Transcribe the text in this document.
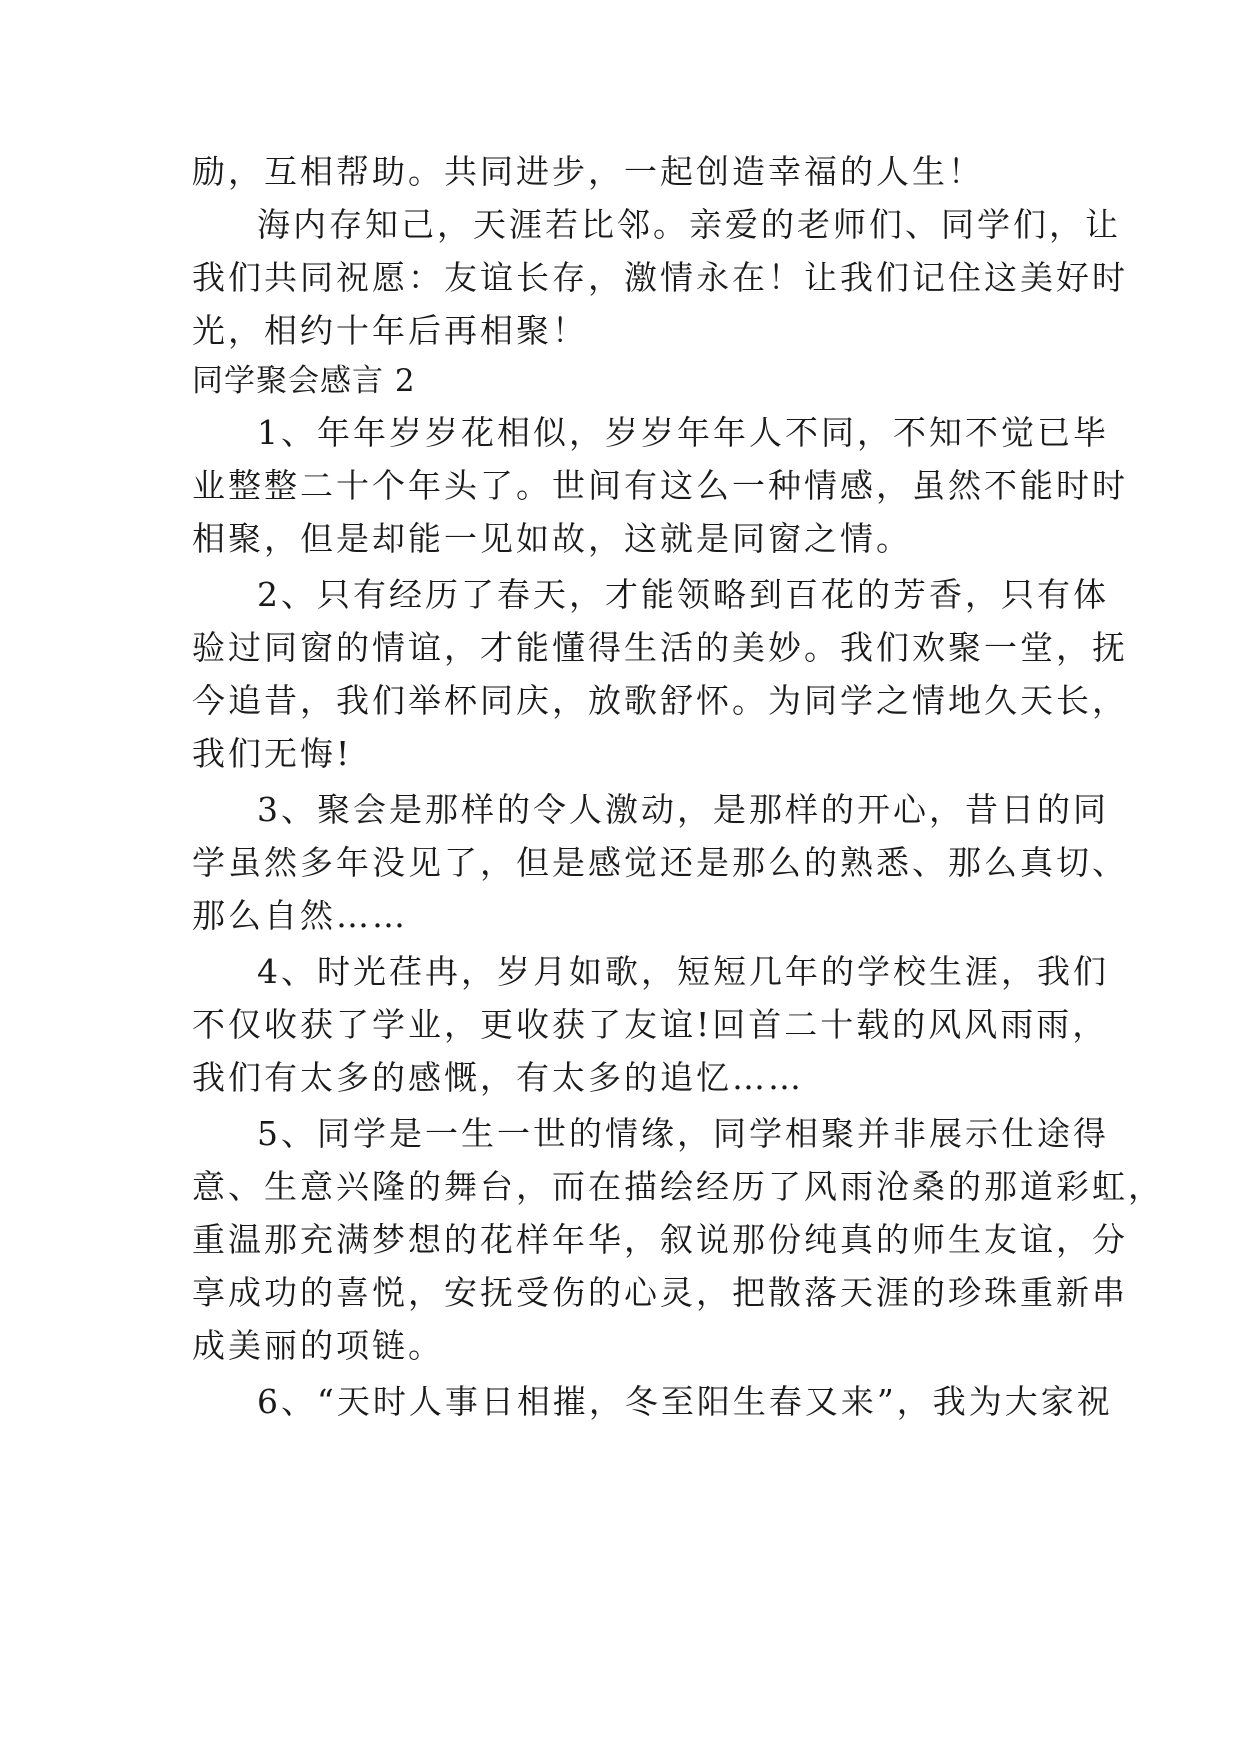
励，互相帮助。共同进步，一起创造幸福的人生！
海内存知己，天涯若比邻。亲爱的老师们、同学们，让
我们共同祝愿：友谊长存，激情永在！让我们记住这美好时
光，相约十年后再相聚！
同学聚会感言 2
1、年年岁岁花相似，岁岁年年人不同，不知不觉已毕
业整整二十个年头了。世间有这么一种情感，虽然不能时时
相聚，但是却能一见如故，这就是同窗之情。
2、只有经历了春天，才能领略到百花的芳香，只有体
验过同窗的情谊，才能懂得生活的美妙。我们欢聚一堂，抚
今追昔，我们举杯同庆，放歌舒怀。为同学之情地久天长，
我们无悔!
3、聚会是那样的令人激动，是那样的开心，昔日的同
学虽然多年没见了，但是感觉还是那么的熟悉、那么真切、
那么自然……
4、时光荏冉，岁月如歌，短短几年的学校生涯，我们
不仅收获了学业，更收获了友谊!回首二十载的风风雨雨，
我们有太多的感慨，有太多的追忆……
5、同学是一生一世的情缘，同学相聚并非展示仕途得
意、生意兴隆的舞台，而在描绘经历了风雨沧桑的那道彩虹，
重温那充满梦想的花样年华，叙说那份纯真的师生友谊，分
享成功的喜悦，安抚受伤的心灵，把散落天涯的珍珠重新串
成美丽的项链。
6、“天时人事日相摧，冬至阳生春又来”，我为大家祝
